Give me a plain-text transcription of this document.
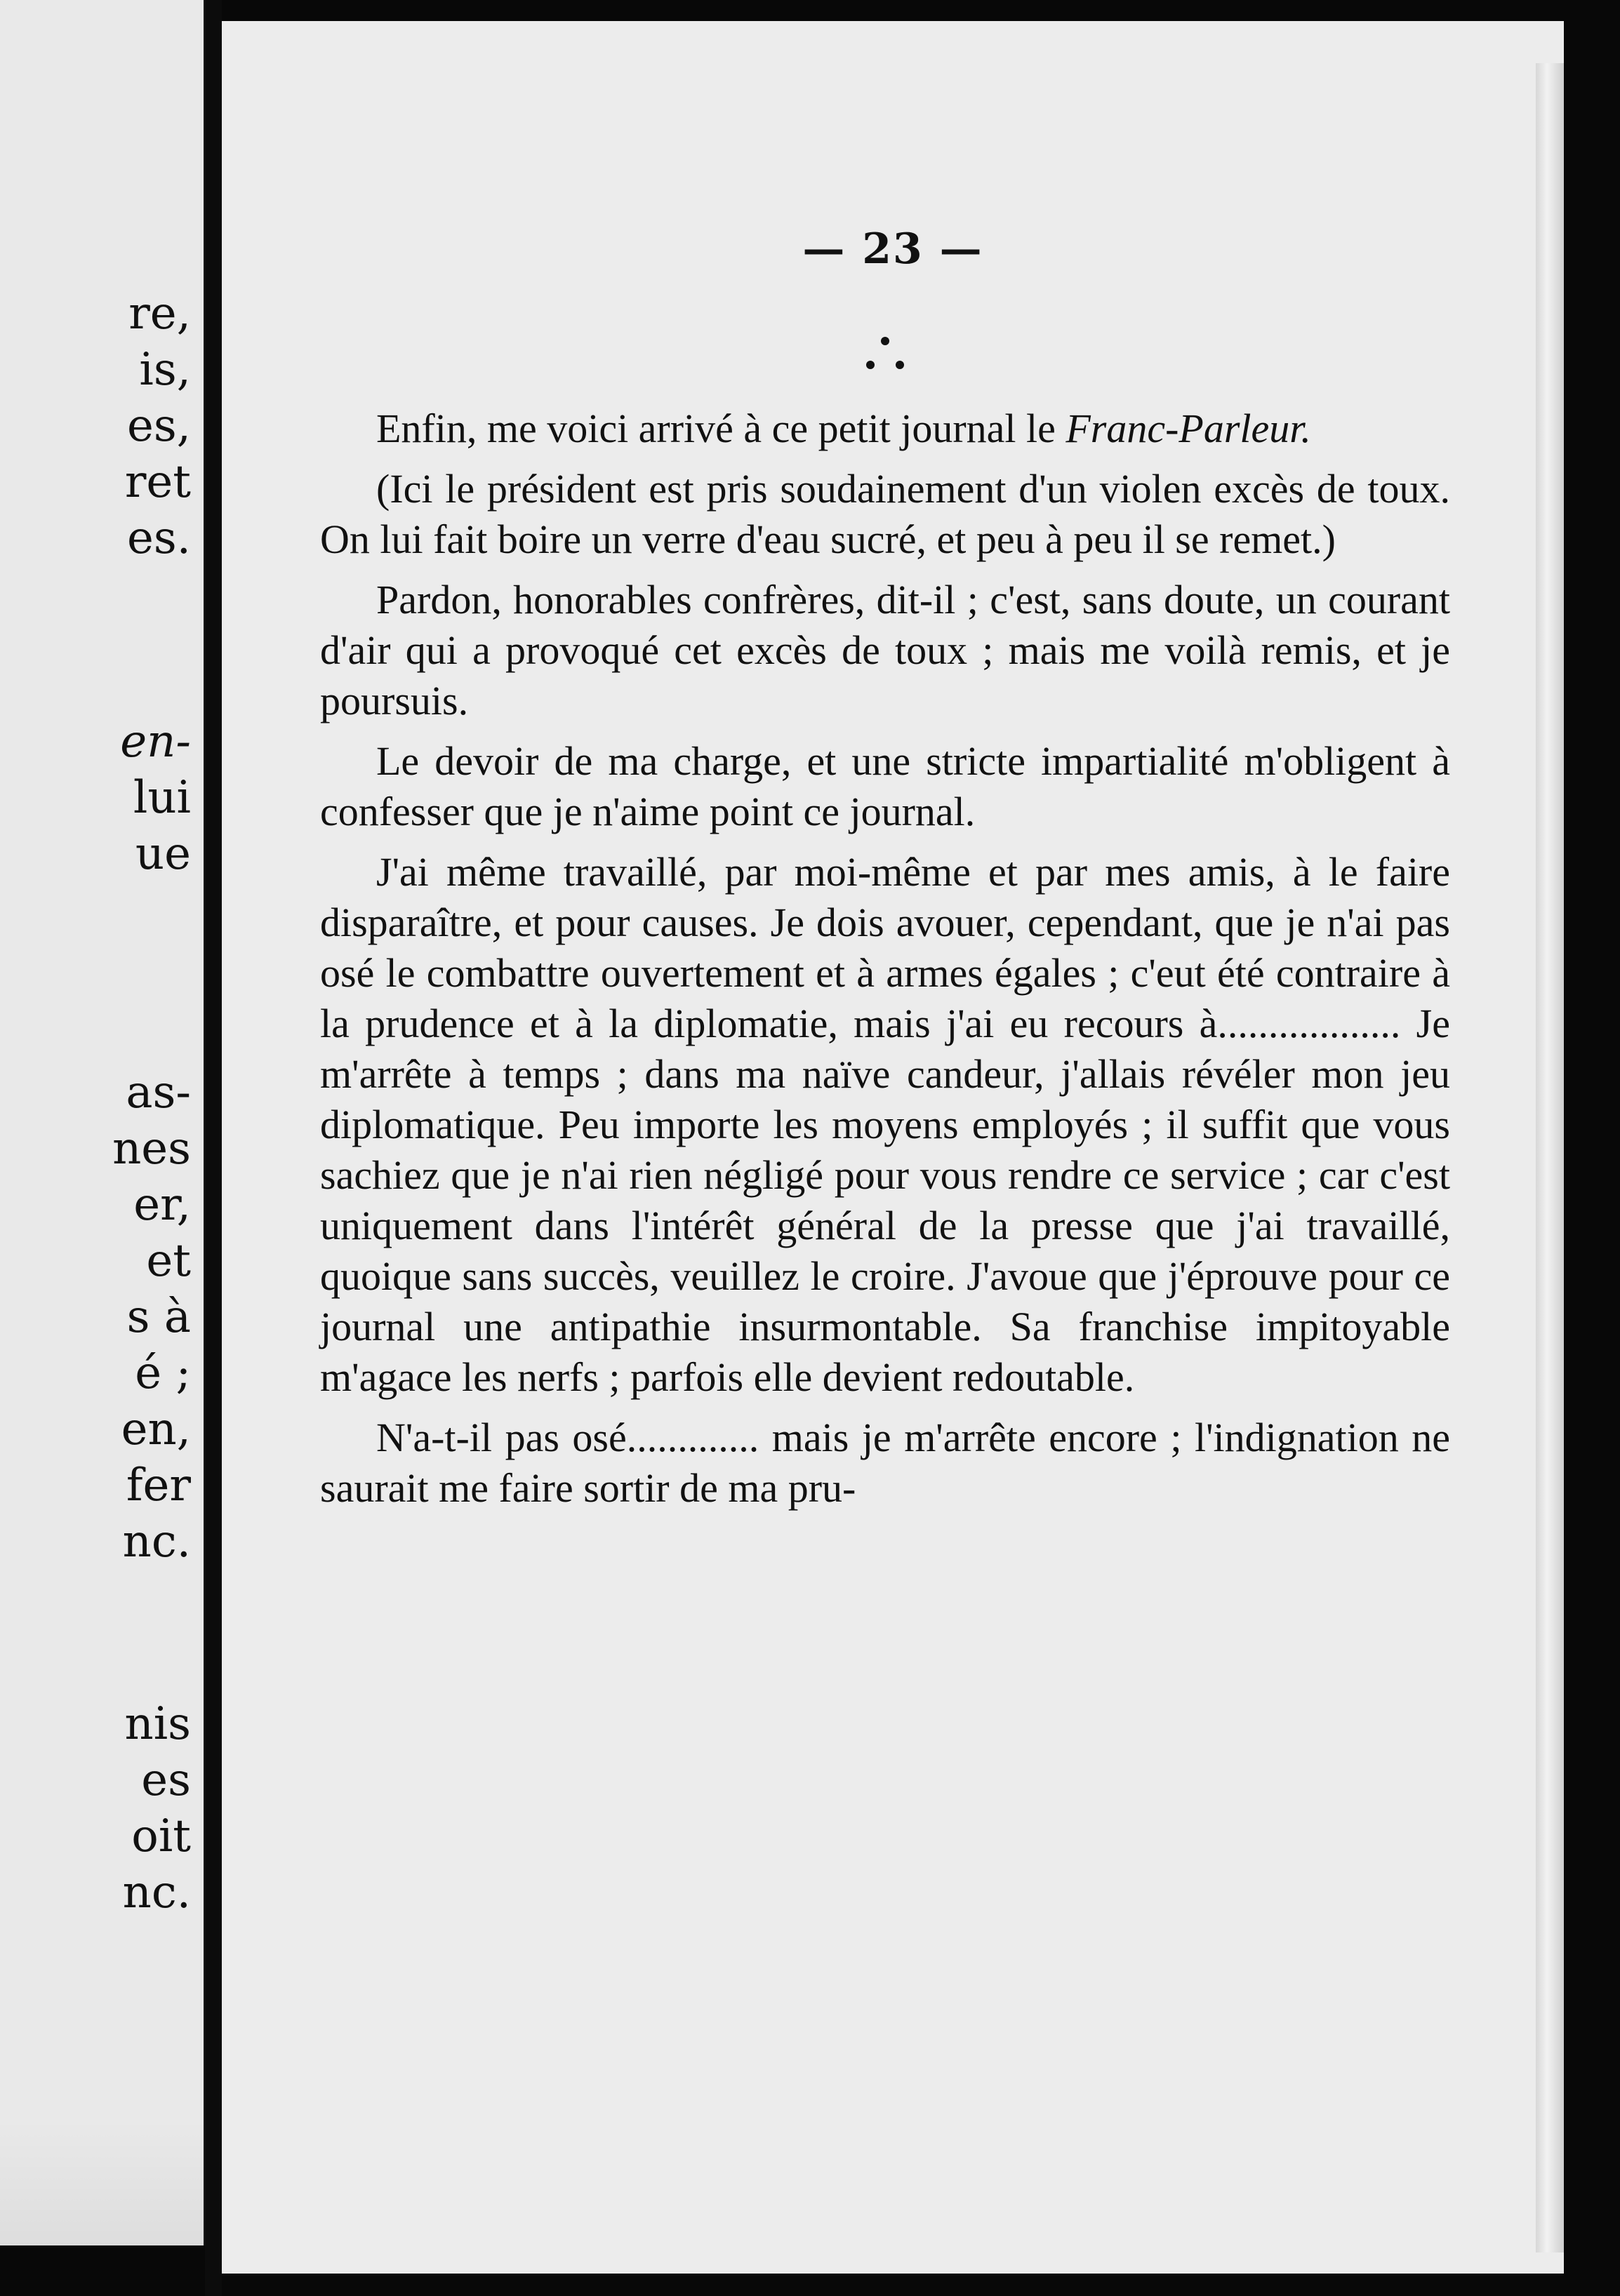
re,
is,
es,
ret
es.
en-
lui
ue
as-
nes
er,
et
s à
é ;
en,
fer
nc.
nis
es
oit
nc.
— 23 —

Enfin, me voici arrivé à ce petit journal le Franc-Parleur.

(Ici le président est pris soudainement d'un violen excès de toux. On lui fait boire un verre d'eau sucré, et peu à peu il se remet.)

Pardon, honorables confrères, dit-il ; c'est, sans doute, un courant d'air qui a provoqué cet excès de toux ; mais me voilà remis, et je poursuis.

Le devoir de ma charge, et une stricte impartialité m'obligent à confesser que je n'aime point ce journal.

J'ai même travaillé, par moi-même et par mes amis, à le faire disparaître, et pour causes. Je dois avouer, cependant, que je n'ai pas osé le combattre ouvertement et à armes égales ; c'eut été contraire à la prudence et à la diplomatie, mais j'ai eu recours à.................. Je m'arrête à temps ; dans ma naïve candeur, j'allais révéler mon jeu diplomatique. Peu importe les moyens employés ; il suffit que vous sachiez que je n'ai rien négligé pour vous rendre ce service ; car c'est uniquement dans l'intérêt général de la presse que j'ai travaillé, quoique sans succès, veuillez le croire. J'avoue que j'éprouve pour ce journal une antipathie insurmontable. Sa franchise impitoyable m'agace les nerfs ; parfois elle devient redoutable.

N'a-t-il pas osé............. mais je m'arrête encore ; l'indignation ne saurait me faire sortir de ma pru-
